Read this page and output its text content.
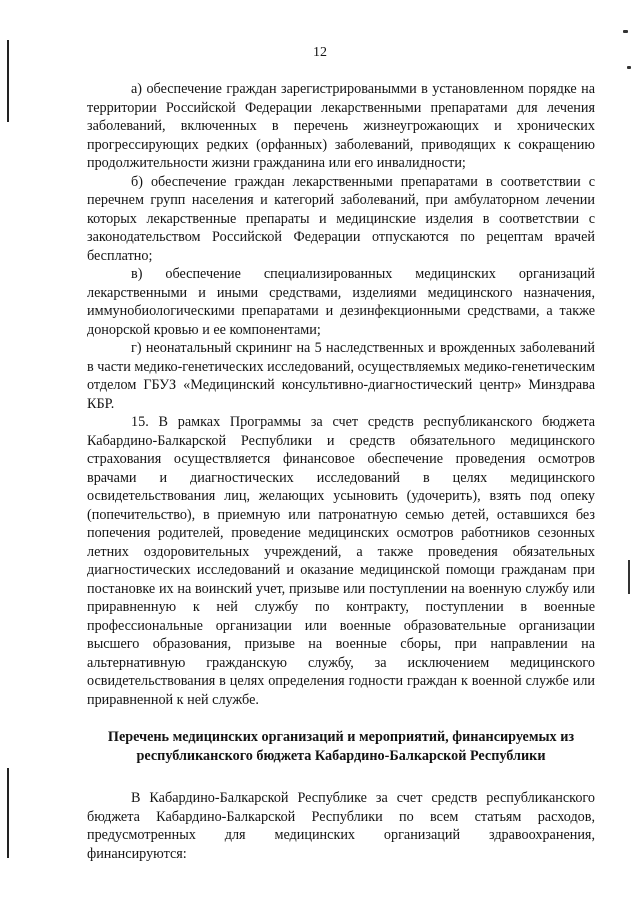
12

а) обеспечение граждан зарегистрированымми в установленном порядке на территории Российской Федерации лекарственными препаратами для лечения заболеваний, включенных в перечень жизнеугрожающих и хронических прогрессирующих редких (орфанных) заболеваний, приводящих к сокращению продолжительности жизни гражданина или его инвалидности;

б) обеспечение граждан лекарственными препаратами в соответствии с перечнем групп населения и категорий заболеваний, при амбулаторном лечении которых лекарственные препараты и медицинские изделия в соответствии с законодательством Российской Федерации отпускаются по рецептам врачей бесплатно;

в) обеспечение специализированных медицинских организаций лекарственными и иными средствами, изделиями медицинского назначения, иммунобиологическими препаратами и дезинфекционными средствами, а также донорской кровью и ее компонентами;

г) неонатальный скрининг на 5 наследственных и врожденных заболеваний в части медико-генетических исследований, осуществляемых медико-генетическим отделом ГБУЗ «Медицинский консультивно-диагностический центр» Минздрава КБР.

15. В рамках Программы за счет средств республиканского бюджета Кабардино-Балкарской Республики и средств обязательного медицинского страхования осуществляется финансовое обеспечение проведения осмотров врачами и диагностических исследований в целях медицинского освидетельствования лиц, желающих усыновить (удочерить), взять под опеку (попечительство), в приемную или патронатную семью детей, оставшихся без попечения родителей, проведение медицинских осмотров работников сезонных летних оздоровительных учреждений, а также проведения обязательных диагностических исследований и оказание медицинской помощи гражданам при постановке их на воинский учет, призыве или поступлении на военную службу или приравненную к ней службу по контракту, поступлении в военные профессиональные организации или военные образовательные организации высшего образования, призыве на военные сборы, при направлении на альтернативную гражданскую службу, за исключением медицинского освидетельствования в целях определения годности граждан к военной службе или приравненной к ней службе.

Перечень медицинских организаций и мероприятий, финансируемых из республиканского бюджета Кабардино-Балкарской Республики

В Кабардино-Балкарской Республике за счет средств республиканского бюджета Кабардино-Балкарской Республики по всем статьям расходов, предусмотренных для медицинских организаций здравоохранения, финансируются:
